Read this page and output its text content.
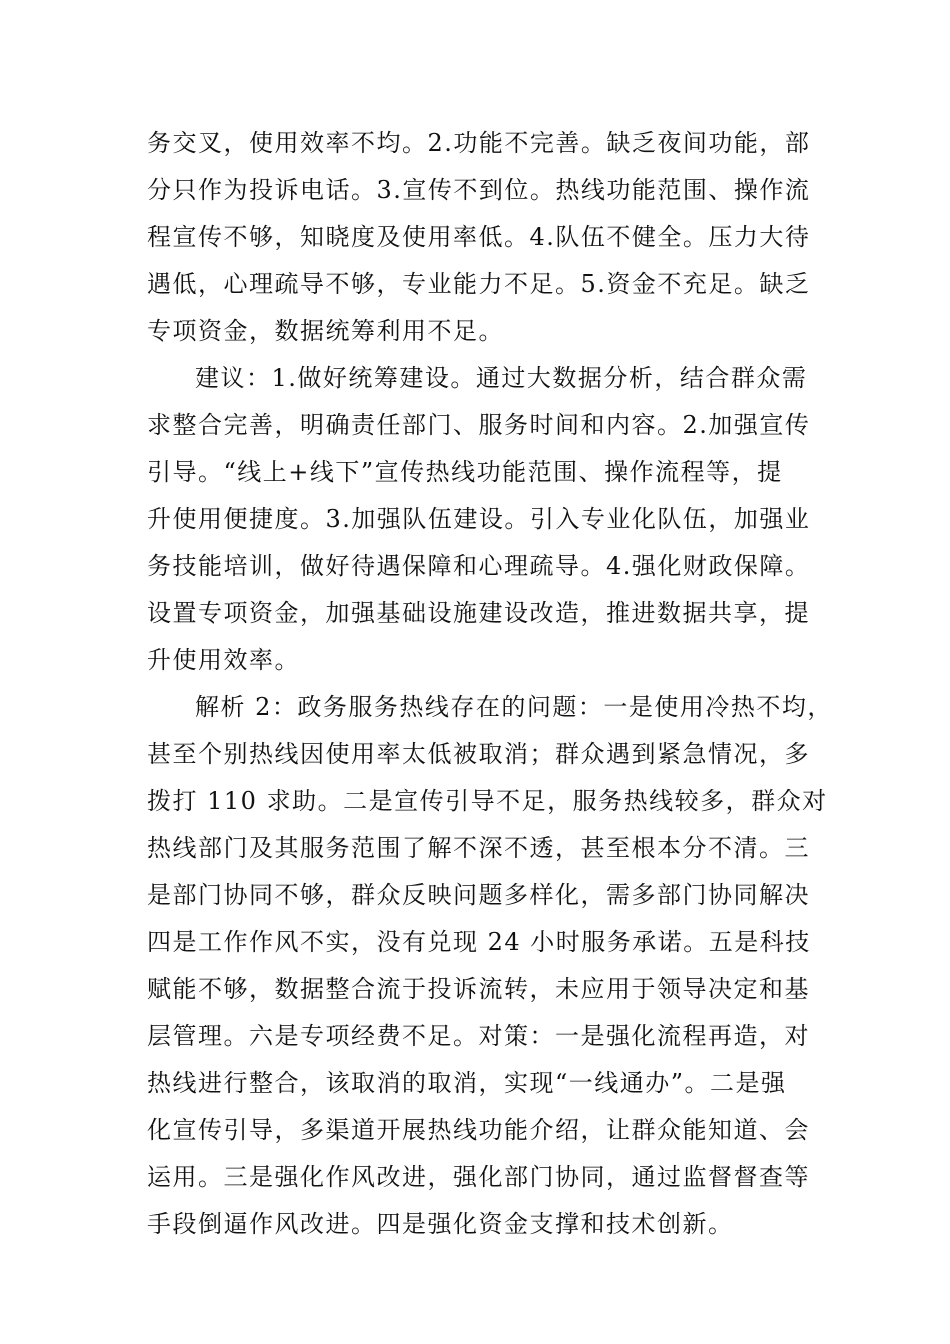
务交叉，使用效率不均。2.功能不完善。缺乏夜间功能，部
分只作为投诉电话。3.宣传不到位。热线功能范围、操作流
程宣传不够，知晓度及使用率低。4.队伍不健全。压力大待
遇低，心理疏导不够，专业能力不足。5.资金不充足。缺乏
专项资金，数据统筹利用不足。
建议：1.做好统筹建设。通过大数据分析，结合群众需
求整合完善，明确责任部门、服务时间和内容。2.加强宣传
引导。“线上+线下”宣传热线功能范围、操作流程等，提
升使用便捷度。3.加强队伍建设。引入专业化队伍，加强业
务技能培训，做好待遇保障和心理疏导。4.强化财政保障。
设置专项资金，加强基础设施建设改造，推进数据共享，提
升使用效率。
解析 2：政务服务热线存在的问题：一是使用冷热不均，
甚至个别热线因使用率太低被取消；群众遇到紧急情况，多
拨打 110 求助。二是宣传引导不足，服务热线较多，群众对
热线部门及其服务范围了解不深不透，甚至根本分不清。三
是部门协同不够，群众反映问题多样化，需多部门协同解决
四是工作作风不实，没有兑现 24 小时服务承诺。五是科技
赋能不够，数据整合流于投诉流转，未应用于领导决定和基
层管理。六是专项经费不足。对策：一是强化流程再造，对
热线进行整合，该取消的取消，实现“一线通办”。二是强
化宣传引导，多渠道开展热线功能介绍，让群众能知道、会
运用。三是强化作风改进，强化部门协同，通过监督督查等
手段倒逼作风改进。四是强化资金支撑和技术创新。
